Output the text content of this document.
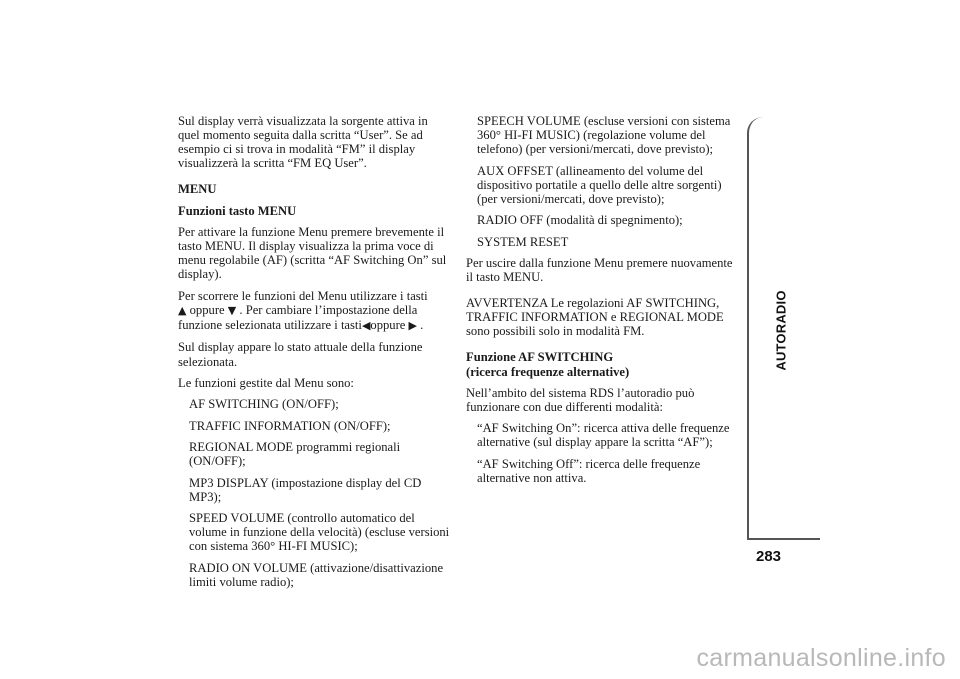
Sul display verrà visualizzata la sorgente attiva in quel momento seguita dalla scritta “User”. Se ad esempio ci si trova in modalità “FM” il display visualizzerà la scritta “FM EQ User”.

MENU
Funzioni tasto MENU

Per attivare la funzione Menu premere brevemente il tasto MENU. Il display visualizza la prima voce di menu regolabile (AF) (scritta “AF Switching On” sul display).

Per scorrere le funzioni del Menu utilizzare i tasti
▲ oppure ▼ . Per cambiare l’impostazione della funzione selezionata utilizzare i tasti◀oppure ▶ .

Sul display appare lo stato attuale della funzione selezionata.

Le funzioni gestite dal Menu sono:

AF SWITCHING (ON/OFF);
TRAFFIC INFORMATION (ON/OFF);
REGIONAL MODE programmi regionali (ON/OFF);
MP3 DISPLAY (impostazione display del CD MP3);
SPEED VOLUME (controllo automatico del volume in funzione della velocità) (escluse versioni con sistema 360° HI-FI MUSIC);
RADIO ON VOLUME (attivazione/disattivazione limiti volume radio);
SPEECH VOLUME (escluse versioni con sistema 360° HI-FI MUSIC) (regolazione volume del telefono) (per versioni/mercati, dove previsto);
AUX OFFSET (allineamento del volume del dispositivo portatile a quello delle altre sorgenti) (per versioni/mercati, dove previsto);
RADIO OFF (modalità di spegnimento);
SYSTEM RESET

Per uscire dalla funzione Menu premere nuovamente il tasto MENU.

AVVERTENZA Le regolazioni AF SWITCHING, TRAFFIC INFORMATION e REGIONAL MODE sono possibili solo in modalità FM.

Funzione AF SWITCHING
(ricerca frequenze alternative)

Nell’ambito del sistema RDS l’autoradio può funzionare con due differenti modalità:

“AF Switching On”: ricerca attiva delle frequenze alternative (sul display appare la scritta “AF”);
“AF Switching Off”: ricerca delle frequenze alternative non attiva.
AUTORADIO
283
carmanualsonline.info
